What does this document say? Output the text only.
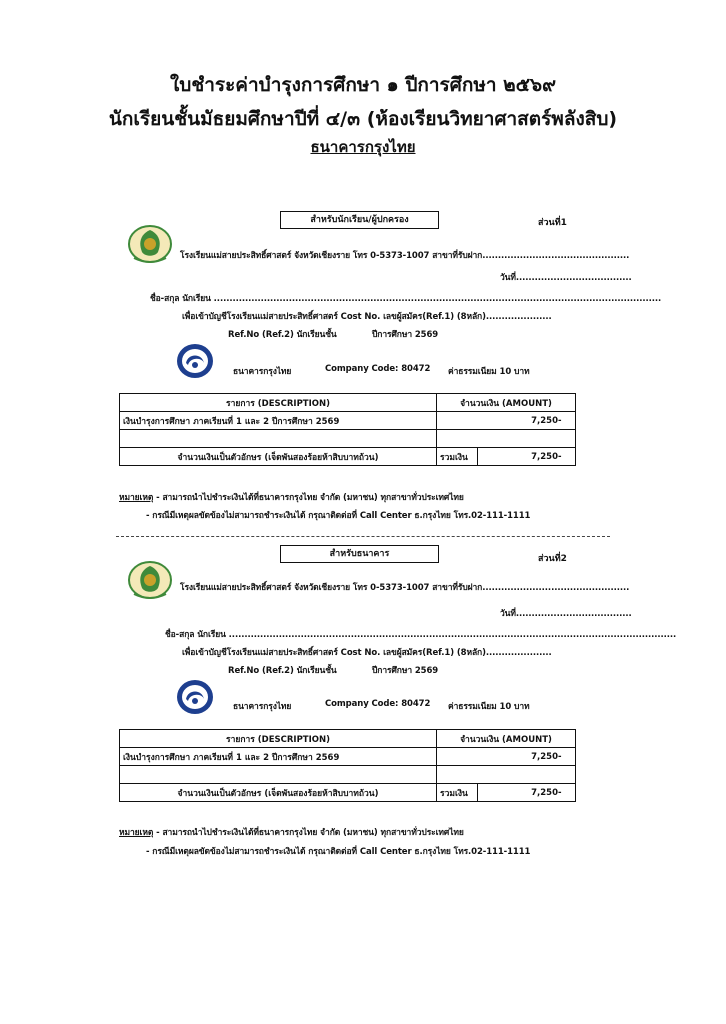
ใบชำระค่าบำรุงการศึกษา ๑ ปีการศึกษา ๒๕๖๙
นักเรียนชั้นมัธยมศึกษาปีที่ ๔/๓ (ห้องเรียนวิทยาศาสตร์พลังสิบ)
ธนาคารกรุงไทย
สำหรับนักเรียน/ผู้ปกครอง	ส่วนที่1
โรงเรียนแม่สายประสิทธิ์ศาสตร์ จังหวัดเชียงราย โทร 0-5373-1007 สาขาที่รับฝาก...............................................
วันที่.....................................
ชื่อ-สกุล นักเรียน ...............................................................................................................................................
เพื่อเข้าบัญชีโรงเรียนแม่สายประสิทธิ์ศาสตร์ Cost No. เลขผู้สมัคร(Ref.1) (8หลัก).....................
Ref.No (Ref.2) นักเรียนชั้น	ปีการศึกษา 2569
ธนาคารกรุงไทย	Company Code: 80472 ค่าธรรมเนียม 10 บาท
รายการ (DESCRIPTION)	จำนวนเงิน (AMOUNT)	
เงินบำรุงการศึกษา ภาคเรียนที่ 1 และ 2 ปีการศึกษา 2569	7,250-	

จำนวนเงินเป็นตัวอักษร (เจ็ดพันสองร้อยห้าสิบบาทถ้วน)	รวมเงิน	7,250-
หมายเหตุ - สามารถนำไปชำระเงินได้ที่ธนาคารกรุงไทย จำกัด (มหาชน) ทุกสาขาทั่วประเทศไทย
- กรณีมีเหตุผลขัดข้องไม่สามารถชำระเงินได้ กรุณาติดต่อที่ Call Center ธ.กรุงไทย โทร.02-111-1111
สำหรับธนาคาร	ส่วนที่2
โรงเรียนแม่สายประสิทธิ์ศาสตร์ จังหวัดเชียงราย โทร 0-5373-1007 สาขาที่รับฝาก...............................................
วันที่.....................................
ชื่อ-สกุล นักเรียน ...............................................................................................................................................
เพื่อเข้าบัญชีโรงเรียนแม่สายประสิทธิ์ศาสตร์ Cost No. เลขผู้สมัคร(Ref.1) (8หลัก).....................
Ref.No (Ref.2) นักเรียนชั้น	ปีการศึกษา 2569
ธนาคารกรุงไทย	Company Code: 80472 ค่าธรรมเนียม 10 บาท
รายการ (DESCRIPTION)	จำนวนเงิน (AMOUNT)	
เงินบำรุงการศึกษา ภาคเรียนที่ 1 และ 2 ปีการศึกษา 2569	7,250-	

จำนวนเงินเป็นตัวอักษร (เจ็ดพันสองร้อยห้าสิบบาทถ้วน)	รวมเงิน	7,250-
หมายเหตุ - สามารถนำไปชำระเงินได้ที่ธนาคารกรุงไทย จำกัด (มหาชน) ทุกสาขาทั่วประเทศไทย
- กรณีมีเหตุผลขัดข้องไม่สามารถชำระเงินได้ กรุณาติดต่อที่ Call Center ธ.กรุงไทย โทร.02-111-1111
